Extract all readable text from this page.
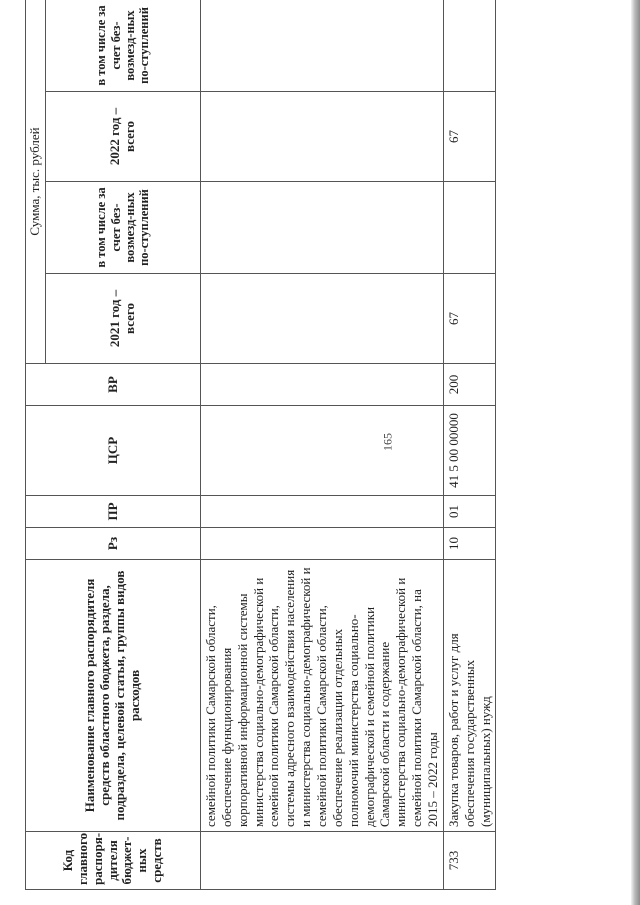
165
Код главного распоря-дителя бюджет-ных средств	Наименование главного распорядителя средств областного бюджета, раздела, подраздела, целевой статьи, группы видов расходов	Рз	ПР	ЦСР	ВР	Сумма, тыс. рублей			
						2021 год – всего	в том числе за счет без-возмезд-ных по-ступлений	2022 год – всего	в том числе за счет без-возмезд-ных по-ступлений
	семейной политики Самарской области, обеспечение функционирования корпоративной информационной системы министерства социально-демографической и семейной политики Самарской области, системы адресного взаимодействия населения и министерства социально-демографической и семейной политики Самарской области, обеспечение реализации отдельных полномочий министерства социально-демографической и семейной политики Самарской области и содержание министерства социально-демографической и семейной политики Самарской области, на 2015 – 2022 годы								
733	Закупка товаров, работ и услуг для обеспечения государственных (муниципальных) нужд	10	01	41 5 00 00000	200	67		67	
